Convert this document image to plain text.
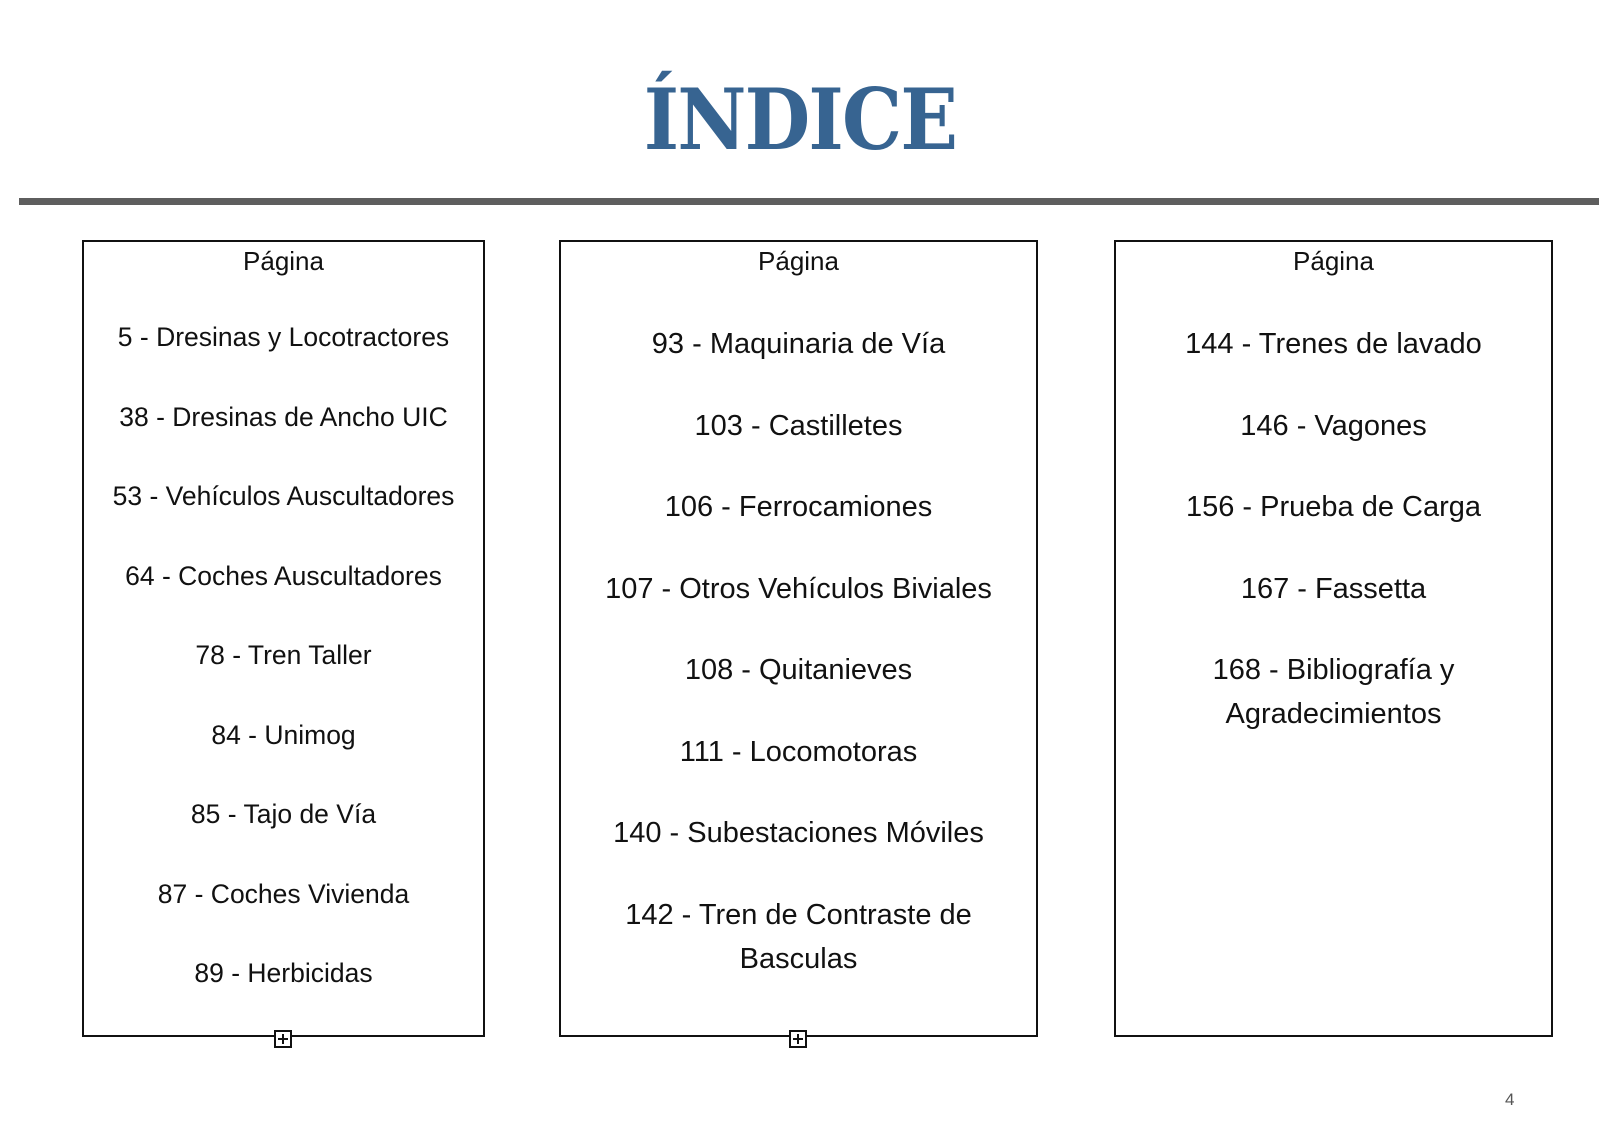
ÍNDICE
Página
5 - Dresinas y Locotractores
38 - Dresinas de Ancho UIC
53 - Vehículos Auscultadores
64 - Coches Auscultadores
78 - Tren Taller
84 - Unimog
85 - Tajo de Vía
87 - Coches Vivienda
89 - Herbicidas
Página
93 - Maquinaria de Vía
103 - Castilletes
106 - Ferrocamiones
107 - Otros Vehículos Biviales
108 - Quitanieves
111 - Locomotoras
140 - Subestaciones Móviles
142 - Tren de Contraste de Basculas
Página
144 - Trenes de lavado
146 - Vagones
156 - Prueba de Carga
167 - Fassetta
168 - Bibliografía y Agradecimientos
4
